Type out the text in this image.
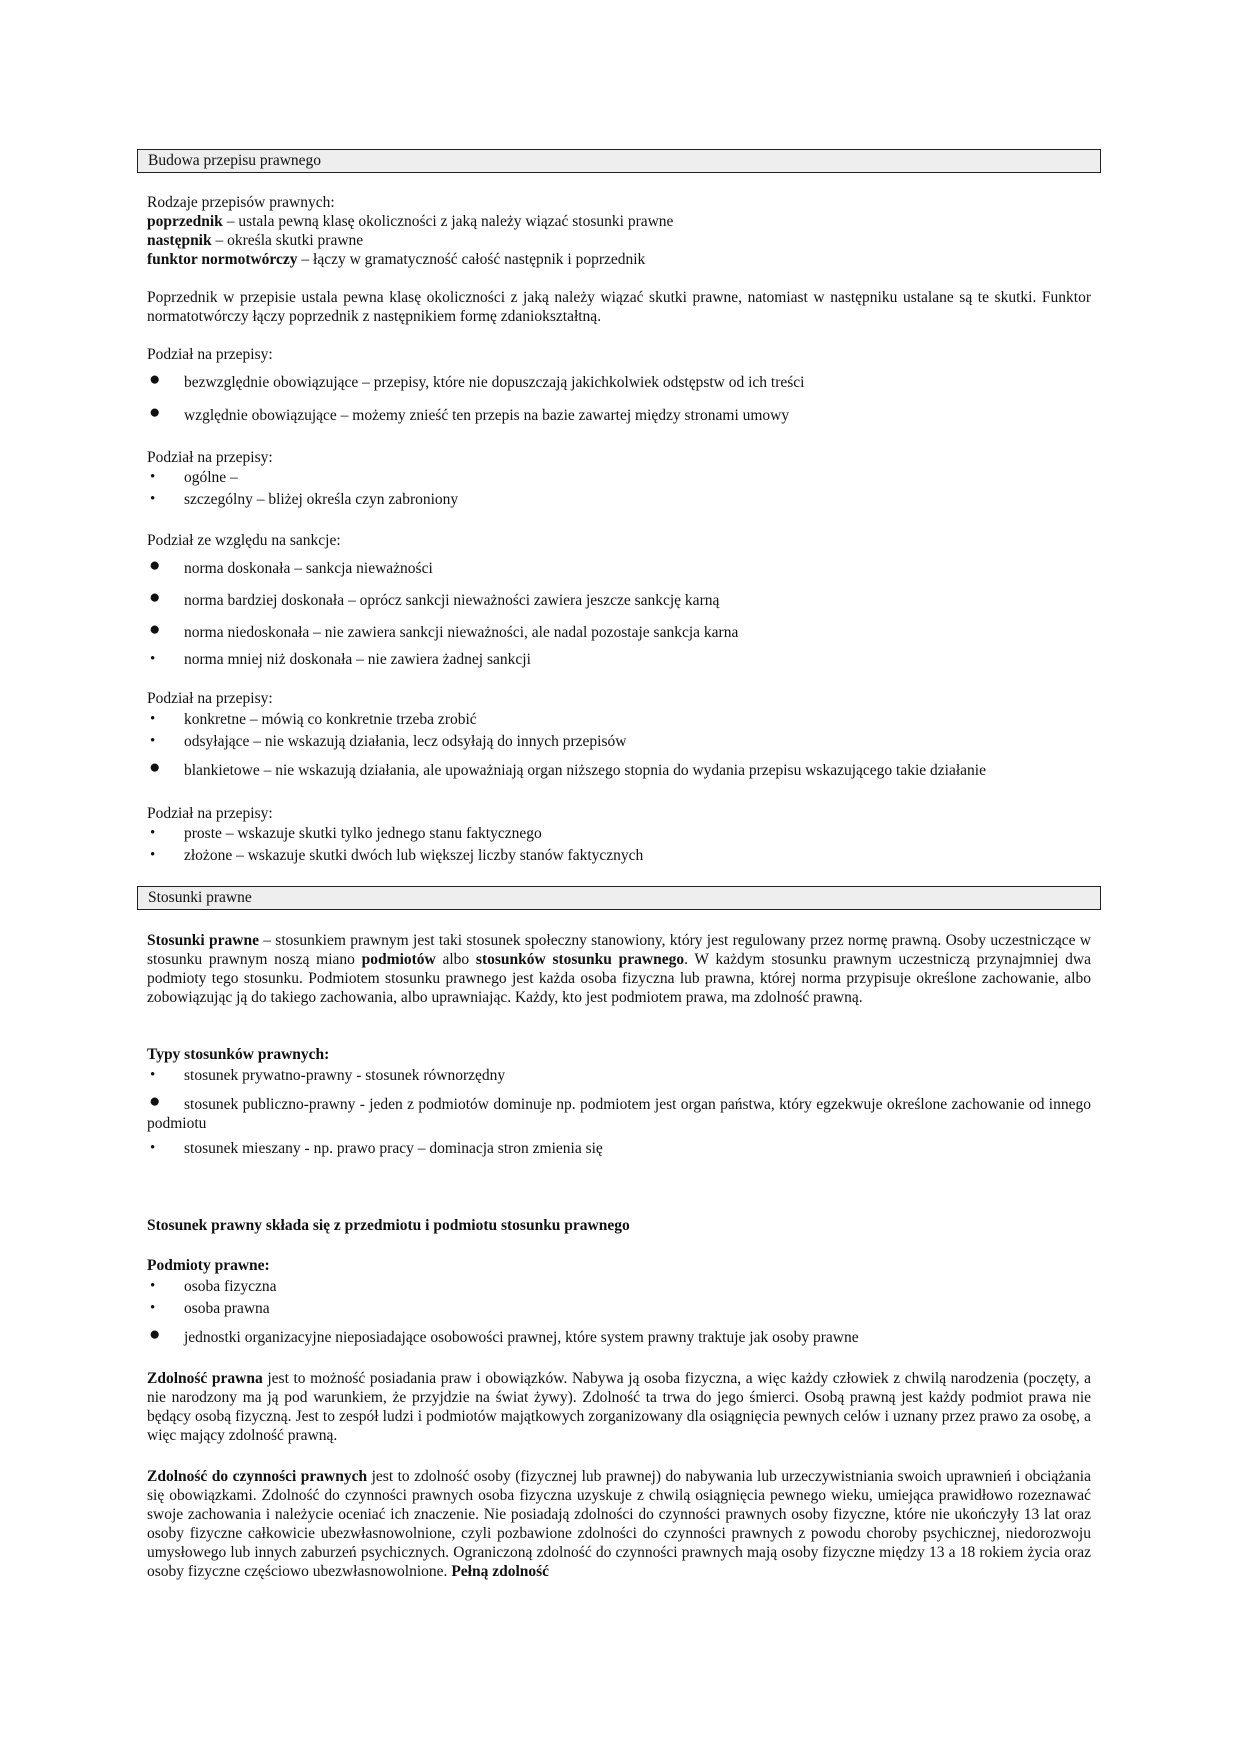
Budowa przepisu prawnego
Rodzaje przepisów prawnych:
poprzednik – ustala pewną klasę okoliczności z jaką należy wiązać stosunki prawne
następnik – określa skutki prawne
funktor normotwórczy – łączy w gramatyczność całość następnik i poprzednik
Poprzednik w przepisie ustala pewna klasę okoliczności z jaką należy wiązać skutki prawne, natomiast w następniku ustalane są te skutki. Funktor normatotwórczy łączy poprzednik z następnikiem formę zdaniokształtną.
Podział na przepisy:
● bezwzględnie obowiązujące – przepisy, które nie dopuszczają jakichkolwiek odstępstw od ich treści
● względnie obowiązujące – możemy znieść ten przepis na bazie zawartej między stronami umowy
Podział na przepisy:
• ogólne –
• szczególny – bliżej określa czyn zabroniony
Podział ze względu na sankcje:
● norma doskonała – sankcja nieważności
● norma bardziej doskonała – oprócz sankcji nieważności zawiera jeszcze sankcję karną
● norma niedoskonała – nie zawiera sankcji nieważności, ale nadal pozostaje sankcja karna
• norma mniej niż doskonała – nie zawiera żadnej sankcji
Podział na przepisy:
• konkretne – mówią co konkretnie trzeba zrobić
• odsyłające – nie wskazują działania, lecz odsyłają do innych przepisów
● blankietowe – nie wskazują działania, ale upoważniają organ niższego stopnia do wydania przepisu wskazującego takie działanie
Podział na przepisy:
• proste – wskazuje skutki tylko jednego stanu faktycznego
• złożone – wskazuje skutki dwóch lub większej liczby stanów faktycznych
Stosunki prawne
Stosunki prawne – stosunkiem prawnym jest taki stosunek społeczny stanowiony, który jest regulowany przez normę prawną. Osoby uczestniczące w stosunku prawnym noszą miano podmiotów albo stosunków stosunku prawnego. W każdym stosunku prawnym uczestniczą przynajmniej dwa podmioty tego stosunku. Podmiotem stosunku prawnego jest każda osoba fizyczna lub prawna, której norma przypisuje określone zachowanie, albo zobowiązując ją do takiego zachowania, albo uprawniając. Każdy, kto jest podmiotem prawa, ma zdolność prawną.
Typy stosunków prawnych:
• stosunek prywatno-prawny - stosunek równorzędny
●	stosunek publiczno-prawny - jeden z podmiotów dominuje np. podmiotem jest organ państwa, który egzekwuje określone zachowanie od innego podmiotu
• stosunek mieszany - np. prawo pracy – dominacja stron zmienia się
Stosunek prawny składa się z przedmiotu i podmiotu stosunku prawnego
Podmioty prawne:
• osoba fizyczna
• osoba prawna
● jednostki organizacyjne nieposiadające osobowości prawnej, które system prawny traktuje jak osoby prawne
Zdolność prawna jest to możność posiadania praw i obowiązków. Nabywa ją osoba fizyczna, a więc każdy człowiek z chwilą narodzenia (poczęty, a nie narodzony ma ją pod warunkiem, że przyjdzie na świat żywy). Zdolność ta trwa do jego śmierci. Osobą prawną jest każdy podmiot prawa nie będący osobą fizyczną. Jest to zespół ludzi i podmiotów majątkowych zorganizowany dla osiągnięcia pewnych celów i uznany przez prawo za osobę, a więc mający zdolność prawną.
Zdolność do czynności prawnych jest to zdolność osoby (fizycznej lub prawnej) do nabywania lub urzeczywistniania swoich uprawnień i obciążania się obowiązkami. Zdolność do czynności prawnych osoba fizyczna uzyskuje z chwilą osiągnięcia pewnego wieku, umiejąca prawidłowo rozeznawać swoje zachowania i należycie oceniać ich znaczenie. Nie posiadają zdolności do czynności prawnych osoby fizyczne, które nie ukończyły 13 lat oraz osoby fizyczne całkowicie ubezwłasnowolnione, czyli pozbawione zdolności do czynności prawnych z powodu choroby psychicznej, niedorozwoju umysłowego lub innych zaburzeń psychicznych. Ograniczoną zdolność do czynności prawnych mają osoby fizyczne między 13 a 18 rokiem życia oraz osoby fizyczne częściowo ubezwłasnowolnione. Pełną zdolność
